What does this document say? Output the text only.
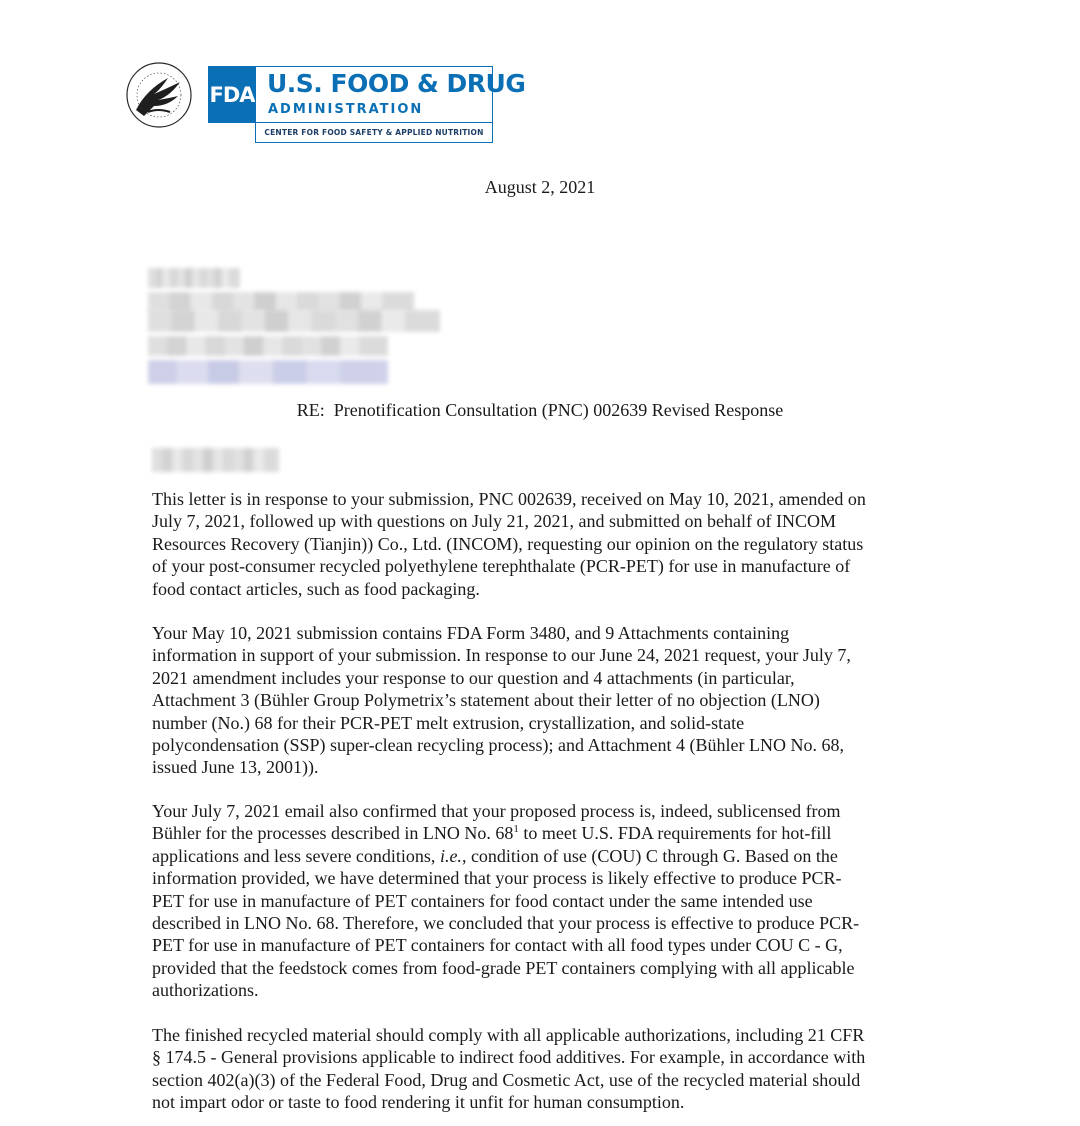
FDA U.S. FOOD & DRUG
ADMINISTRATION
CENTER FOR FOOD SAFETY & APPLIED NUTRITION
August 2, 2021
RE: Prenotification Consultation (PNC) 002639 Revised Response

This letter is in response to your submission, PNC 002639, received on May 10, 2021, amended on
July 7, 2021, followed up with questions on July 21, 2021, and submitted on behalf of INCOM
Resources Recovery (Tianjin)) Co., Ltd. (INCOM), requesting our opinion on the regulatory status
of your post-consumer recycled polyethylene terephthalate (PCR-PET) for use in manufacture of
food contact articles, such as food packaging.

Your May 10, 2021 submission contains FDA Form 3480, and 9 Attachments containing
information in support of your submission. In response to our June 24, 2021 request, your July 7,
2021 amendment includes your response to our question and 4 attachments (in particular,
Attachment 3 (Bühler Group Polymetrix’s statement about their letter of no objection (LNO)
number (No.) 68 for their PCR-PET melt extrusion, crystallization, and solid-state
polycondensation (SSP) super-clean recycling process); and Attachment 4 (Bühler LNO No. 68,
issued June 13, 2001)).

Your July 7, 2021 email also confirmed that your proposed process is, indeed, sublicensed from
Bühler for the processes described in LNO No. $68^1$ to meet U.S. FDA requirements for hot-fill
applications and less severe conditions, i.e., condition of use (COU) C through G. Based on the
information provided, we have determined that your process is likely effective to produce PCR-
PET for use in manufacture of PET containers for food contact under the same intended use
described in LNO No. 68. Therefore, we concluded that your process is effective to produce PCR-
PET for use in manufacture of PET containers for contact with all food types under COU C - G,
provided that the feedstock comes from food-grade PET containers complying with all applicable
authorizations.

The finished recycled material should comply with all applicable authorizations, including 21 CFR
§ 174.5 - General provisions applicable to indirect food additives. For example, in accordance with
section 402(a)(3) of the Federal Food, Drug and Cosmetic Act, use of the recycled material should
not impart odor or taste to food rendering it unfit for human consumption.
